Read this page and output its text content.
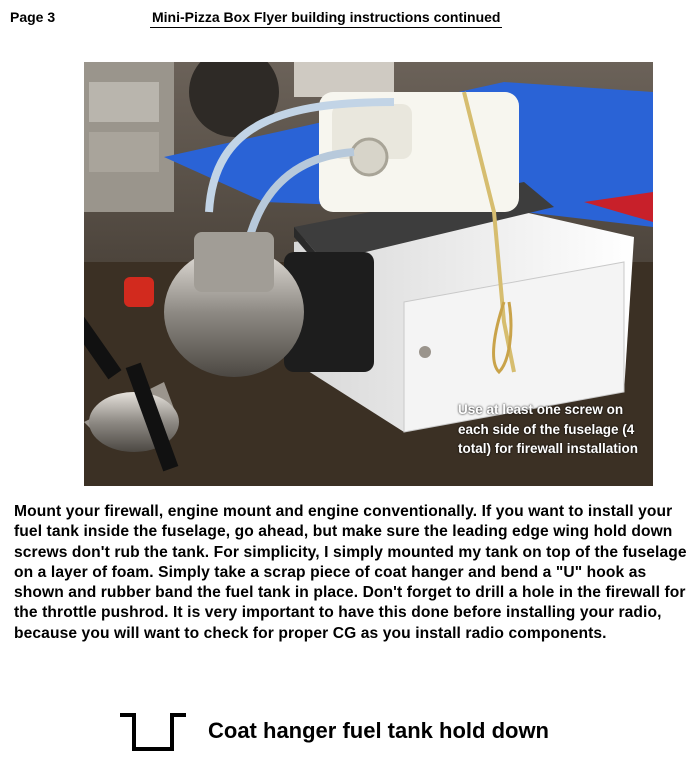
Page 3	Mini-Pizza Box Flyer building instructions continued

Use at least one screw on each side of the fuselage (4 total) for firewall installation

Mount your firewall, engine mount and engine conventionally. If you want to install your fuel tank inside the fuselage, go ahead, but make sure the leading edge wing hold down screws don't rub the tank. For simplicity, I simply mounted my tank on top of the fuselage on a layer of foam. Simply take a scrap piece of coat hanger and bend a "U" hook as shown and rubber band the fuel tank in place. Don't forget to drill a hole in the firewall for the throttle pushrod. It is very important to have this done before installing your radio, because you will want to check for proper CG as you install radio components.

Coat hanger fuel tank hold down
